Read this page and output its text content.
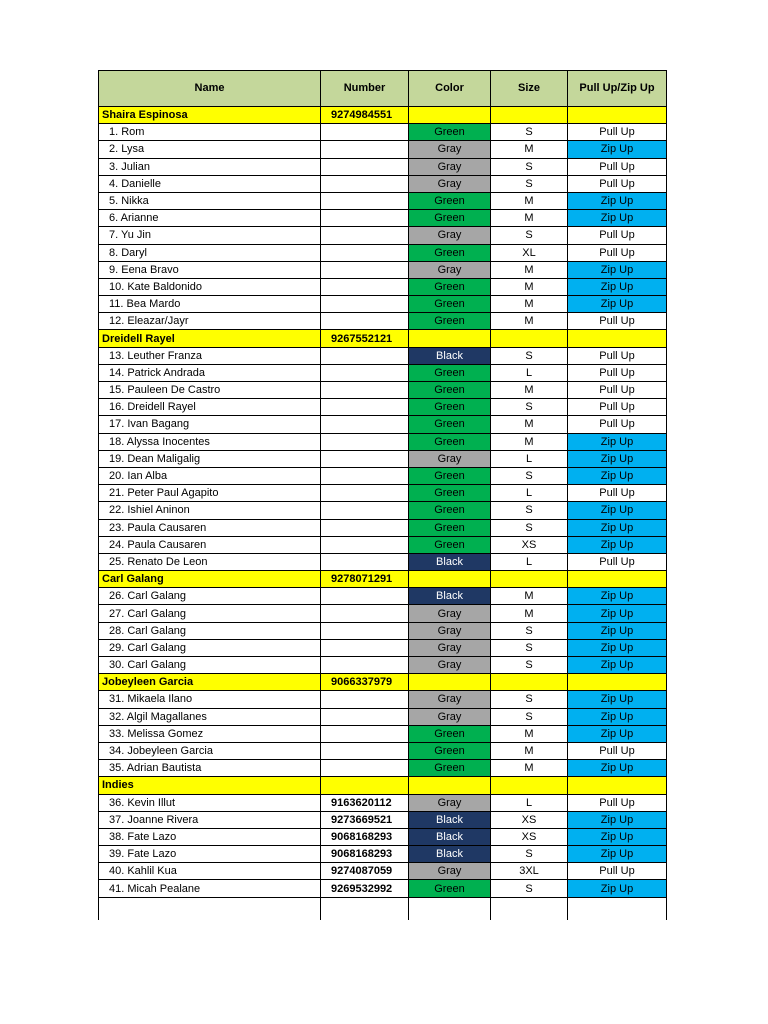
Name	Number	Color	Size	Pull Up/Zip Up
Shaira Espinosa	9274984551			
1. Rom		Green	S	Pull Up
2. Lysa		Gray	M	Zip Up
3. Julian		Gray	S	Pull Up
4. Danielle		Gray	S	Pull Up
5. Nikka		Green	M	Zip Up
6. Arianne		Green	M	Zip Up
7. Yu Jin		Gray	S	Pull Up
8. Daryl		Green	XL	Pull Up
9. Eena Bravo		Gray	M	Zip Up
10. Kate Baldonido		Green	M	Zip Up
11. Bea Mardo		Green	M	Zip Up
12. Eleazar/Jayr		Green	M	Pull Up
Dreidell Rayel	9267552121			
13. Leuther Franza		Black	S	Pull Up
14. Patrick Andrada		Green	L	Pull Up
15. Pauleen De Castro		Green	M	Pull Up
16. Dreidell Rayel		Green	S	Pull Up
17. Ivan Bagang		Green	M	Pull Up
18. Alyssa Inocentes		Green	M	Zip Up
19. Dean Maligalig		Gray	L	Zip Up
20. Ian Alba		Green	S	Zip Up
21. Peter Paul Agapito		Green	L	Pull Up
22. Ishiel Aninon		Green	S	Zip Up
23. Paula Causaren		Green	S	Zip Up
24. Paula Causaren		Green	XS	Zip Up
25. Renato De Leon		Black	L	Pull Up
Carl Galang	9278071291			
26. Carl Galang		Black	M	Zip Up
27. Carl Galang		Gray	M	Zip Up
28. Carl Galang		Gray	S	Zip Up
29. Carl Galang		Gray	S	Zip Up
30. Carl Galang		Gray	S	Zip Up
Jobeyleen Garcia	9066337979			
31. Mikaela Ilano		Gray	S	Zip Up
32. Algil Magallanes		Gray	S	Zip Up
33. Melissa Gomez		Green	M	Zip Up
34. Jobeyleen Garcia		Green	M	Pull Up
35. Adrian Bautista		Green	M	Zip Up
Indies				
36. Kevin Illut	9163620112	Gray	L	Pull Up
37. Joanne Rivera	9273669521	Black	XS	Zip Up
38. Fate Lazo	9068168293	Black	XS	Zip Up
39. Fate Lazo	9068168293	Black	S	Zip Up
40. Kahlil Kua	9274087059	Gray	3XL	Pull Up
41. Micah Pealane	9269532992	Green	S	Zip Up
